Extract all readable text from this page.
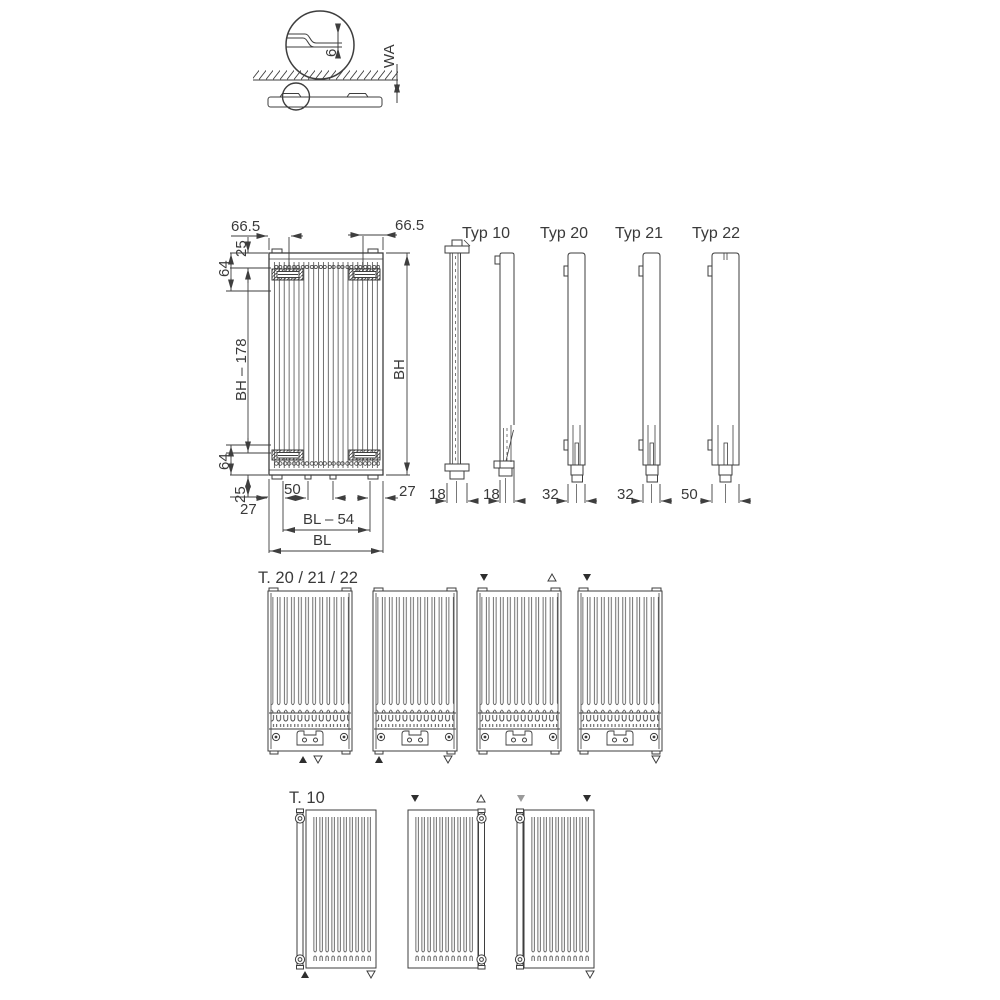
6	WA
66.5	66.5
25
64
BH – 178	BH
64
25
27
50	27
BL – 54
BL
Typ 10 Typ 20 Typ 21 Typ 22
18 18	32	32	50
T. 20 / 21 / 22
T. 10
